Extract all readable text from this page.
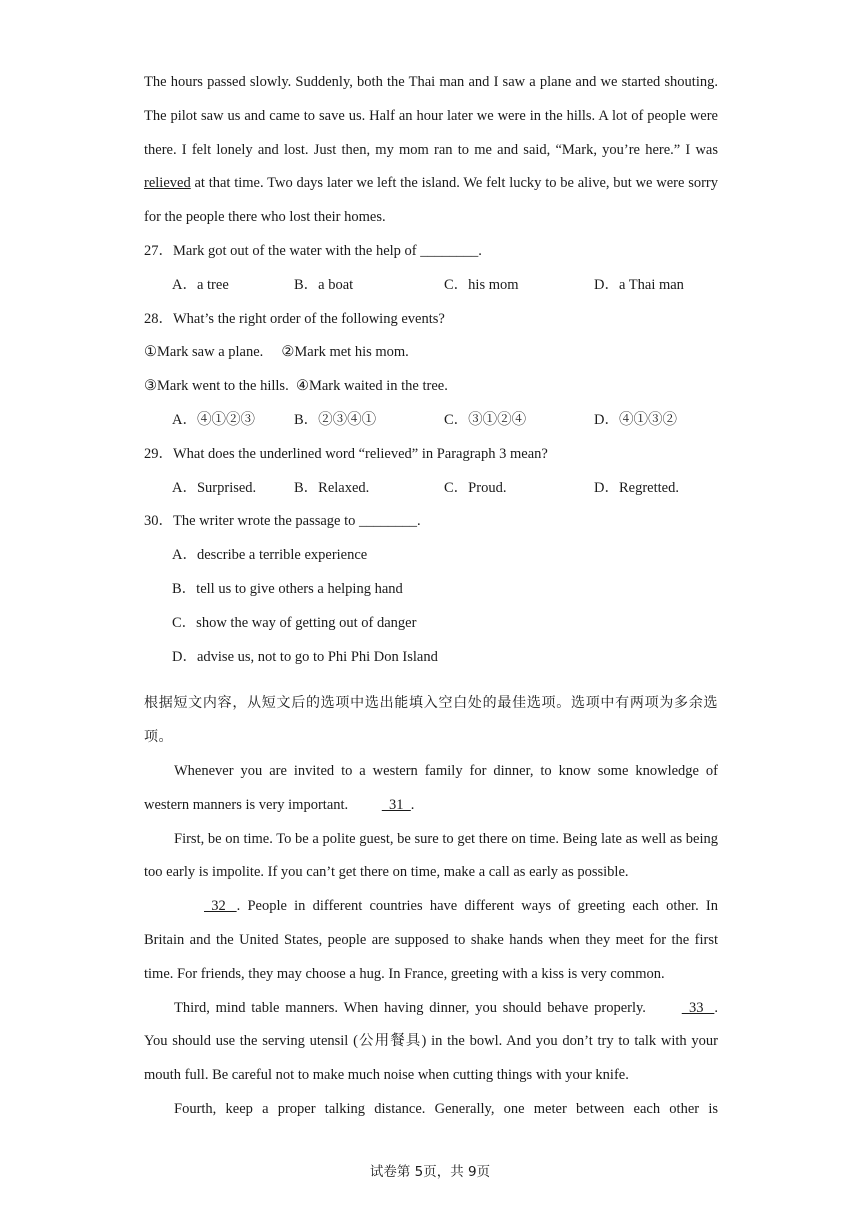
The hours passed slowly. Suddenly, both the Thai man and I saw a plane and we started shouting. The pilot saw us and came to save us. Half an hour later we were in the hills. A lot of people were there. I felt lonely and lost. Just then, my mom ran to me and said, “Mark, you’re here.” I was relieved at that time. Two days later we left the island. We felt lucky to be alive, but we were sorry for the people there who lost their homes.

27．Mark got out of the water with the help of ________.

A．a tree	B．a boat	C．his mom	D．a Thai man

28．What’s the right order of the following events?

①Mark saw a plane.     ②Mark met his mom.

③Mark went to the hills.  ④Mark waited in the tree.

A．④①②③	B．②③④①	C．③①②④	D．④①③②

29．What does the underlined word “relieved” in Paragraph 3 mean?

A．Surprised.	B．Relaxed.	C．Proud.	D．Regretted.

30．The writer wrote the passage to ________.

A．describe a terrible experience

B．tell us to give others a helping hand

C．show the way of getting out of danger

D．advise us, not to go to Phi Phi Don Island

根据短文内容，从短文后的选项中选出能填入空白处的最佳选项。选项中有两项为多余选项。

Whenever you are invited to a western family for dinner, to know some knowledge of western manners is very important.   31  .

First, be on time. To be a polite guest, be sure to get there on time. Being late as well as being too early is impolite. If you can’t get there on time, make a call as early as possible.

32   . People in different countries have different ways of greeting each other. In Britain and the United States, people are supposed to shake hands when they meet for the first time. For friends, they may choose a hug. In France, greeting with a kiss is very common.

Third, mind table manners. When having dinner, you should behave properly.   33   . You should use the serving utensil (公用餐具) in the bowl. And you don’t try to talk with your mouth full. Be careful not to make much noise when cutting things with your knife.

Fourth, keep a proper talking distance. Generally, one meter between each other is

试卷第 5页，共 9页
